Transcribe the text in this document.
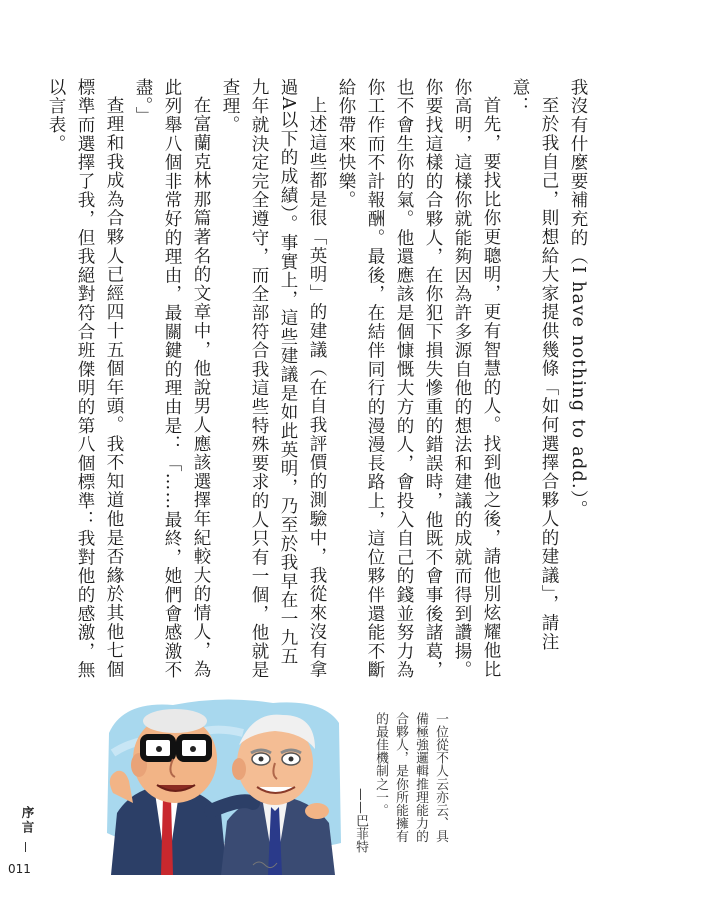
我沒有什麼要補充的（I have nothing to add.）。

至於我自己，則想給大家提供幾條「如何選擇合夥人的建議」，請注意：

首先，要找比你更聰明，更有智慧的人。找到他之後，請他別炫耀他比你高明，這樣你就能夠因為許多源自他的想法和建議的成就而得到讚揚。你要找這樣的合夥人，在你犯下損失慘重的錯誤時，他既不會事後諸葛，也不會生你的氣。他還應該是個慷慨大方的人，會投入自己的錢並努力為你工作而不計報酬。最後，在結伴同行的漫漫長路上，這位夥伴還能不斷給你帶來快樂。

上述這些都是很「英明」的建議（在自我評價的測驗中，我從來沒有拿過A以下的成績）。事實上，這些建議是如此英明，乃至於我早在一九五九年就決定完全遵守，而全部符合我這些特殊要求的人只有一個，他就是查理。

在富蘭克林那篇著名的文章中，他說男人應該選擇年紀較大的情人，為此列舉八個非常好的理由，最關鍵的理由是：「……最終，她們會感激不盡。」

查理和我成為合夥人已經四十五個年頭。我不知道他是否緣於其他七個標準而選擇了我，但我絕對符合班傑明的第八個標準：我對他的感激，無以言表。

一位從不人云亦云、具
備極強邏輯推理能力的
合夥人，是你所能擁有
的最佳機制之一。
——巴菲特
序言
011
